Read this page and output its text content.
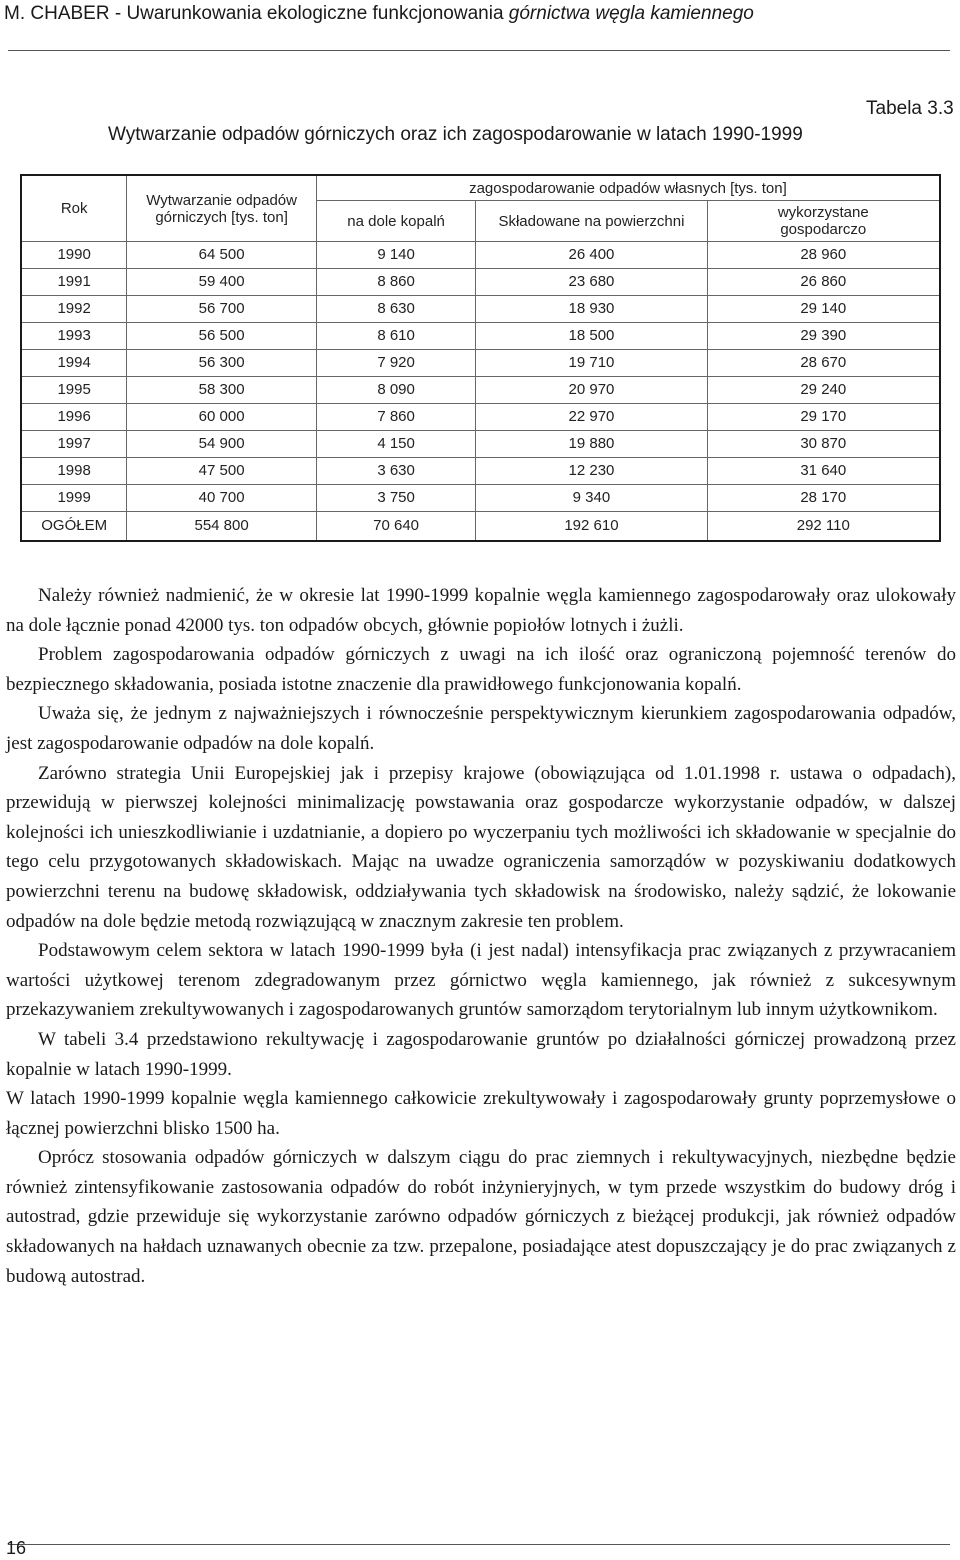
M. CHABER - Uwarunkowania ekologiczne funkcjonowania górnictwa węgla kamiennego
Tabela 3.3
Wytwarzanie odpadów górniczych oraz ich zagospodarowanie w latach 1990-1999
Rok	Wytwarzanie odpadów górniczych [tys. ton]	zagospodarowanie odpadów własnych [tys. ton]		
		na dole kopalń	Składowane na powierzchni	wykorzystane gospodarczo
1990	64 500	9 140	26 400	28 960
1991	59 400	8 860	23 680	26 860
1992	56 700	8 630	18 930	29 140
1993	56 500	8 610	18 500	29 390
1994	56 300	7 920	19 710	28 670
1995	58 300	8 090	20 970	29 240
1996	60 000	7 860	22 970	29 170
1997	54 900	4 150	19 880	30 870
1998	47 500	3 630	12 230	31 640
1999	40 700	3 750	9 340	28 170
OGÓŁEM	554 800	70 640	192 610	292 110

Należy również nadmienić, że w okresie lat 1990-1999 kopalnie węgla kamiennego zagospodarowały oraz ulokowały na dole łącznie ponad 42000 tys. ton odpadów obcych, głównie popiołów lotnych i żużli.

Problem zagospodarowania odpadów górniczych z uwagi na ich ilość oraz ograniczoną pojemność terenów do bezpiecznego składowania, posiada istotne znaczenie dla prawidłowego funkcjonowania kopalń.

Uważa się, że jednym z najważniejszych i równocześnie perspektywicznym kierunkiem zagospodarowania odpadów, jest zagospodarowanie odpadów na dole kopalń.

Zarówno strategia Unii Europejskiej jak i przepisy krajowe (obowiązująca od 1.01.1998 r. ustawa o odpadach), przewidują w pierwszej kolejności minimalizację powstawania oraz gospodarcze wykorzystanie odpadów, w dalszej kolejności ich unieszkodliwianie i uzdatnianie, a dopiero po wyczerpaniu tych możliwości ich składowanie w specjalnie do tego celu przygotowanych składowiskach. Mając na uwadze ograniczenia samorządów w pozyskiwaniu dodatkowych powierzchni terenu na budowę składowisk, oddziaływania tych składowisk na środowisko, należy sądzić, że lokowanie odpadów na dole będzie metodą rozwiązującą w znacznym zakresie ten problem.

Podstawowym celem sektora w latach 1990-1999 była (i jest nadal) intensyfikacja prac związanych z przywracaniem wartości użytkowej terenom zdegradowanym przez górnictwo węgla kamiennego, jak również z sukcesywnym przekazywaniem zrekultywowanych i zagospodarowanych gruntów samorządom terytorialnym lub innym użytkownikom.

W tabeli 3.4 przedstawiono rekultywację i zagospodarowanie gruntów po działalności górniczej prowadzoną przez kopalnie w latach 1990-1999.

W latach 1990-1999 kopalnie węgla kamiennego całkowicie zrekultywowały i zagospodarowały grunty poprzemysłowe o łącznej powierzchni blisko 1500 ha.

Oprócz stosowania odpadów górniczych w dalszym ciągu do prac ziemnych i rekultywacyjnych, niezbędne będzie również zintensyfikowanie zastosowania odpadów do robót inżynieryjnych, w tym przede wszystkim do budowy dróg i autostrad, gdzie przewiduje się wykorzystanie zarówno odpadów górniczych z bieżącej produkcji, jak również odpadów składowanych na hałdach uznawanych obecnie za tzw. przepalone, posiadające atest dopuszczający je do prac związanych z budową autostrad.

16
